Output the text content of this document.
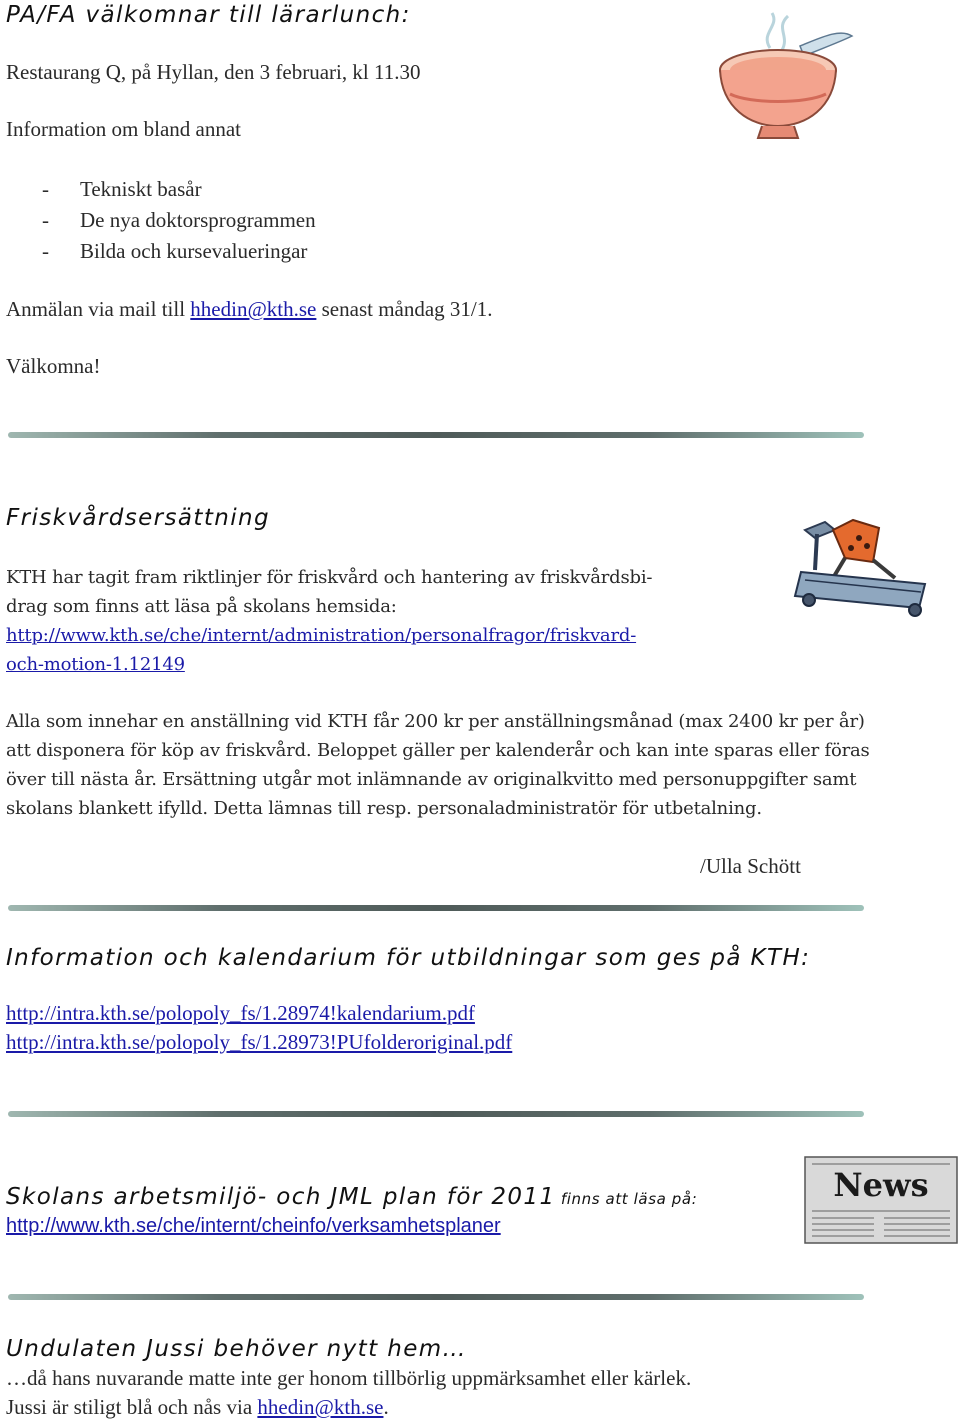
PA/FA välkomnar till lärarlunch:
Restaurang Q, på Hyllan, den 3 februari, kl 11.30
Information om bland annat
- Tekniskt basår
- De nya doktorsprogrammen
- Bilda och kursevalueringar
Anmälan via mail till hhedin@kth.se senast måndag 31/1.
Välkomna!
Friskvårdsersättning
KTH har tagit fram riktlinjer för friskvård och hantering av friskvårdsbi-
drag som finns att läsa på skolans hemsida:
http://www.kth.se/che/internt/administration/personalfragor/friskvard-
och-motion-1.12149
Alla som innehar en anställning vid KTH får 200 kr per anställningsmånad (max 2400 kr per år)
att disponera för köp av friskvård. Beloppet gäller per kalenderår och kan inte sparas eller föras
över till nästa år. Ersättning utgår mot inlämnande av originalkvitto med personuppgifter samt
skolans blankett ifylld. Detta lämnas till resp. personaladministratör för utbetalning.
/Ulla Schött
Information och kalendarium för utbildningar som ges på KTH:
http://intra.kth.se/polopoly_fs/1.28974!kalendarium.pdf
http://intra.kth.se/polopoly_fs/1.28973!PUfolderoriginal.pdf
News
Skolans arbetsmiljö- och JML plan för 2011 finns att läsa på:
http://www.kth.se/che/internt/cheinfo/verksamhetsplaner
Undulaten Jussi behöver nytt hem…
…då hans nuvarande matte inte ger honom tillbörlig uppmärksamhet eller kärlek.
Jussi är stiligt blå och nås via hhedin@kth.se.
